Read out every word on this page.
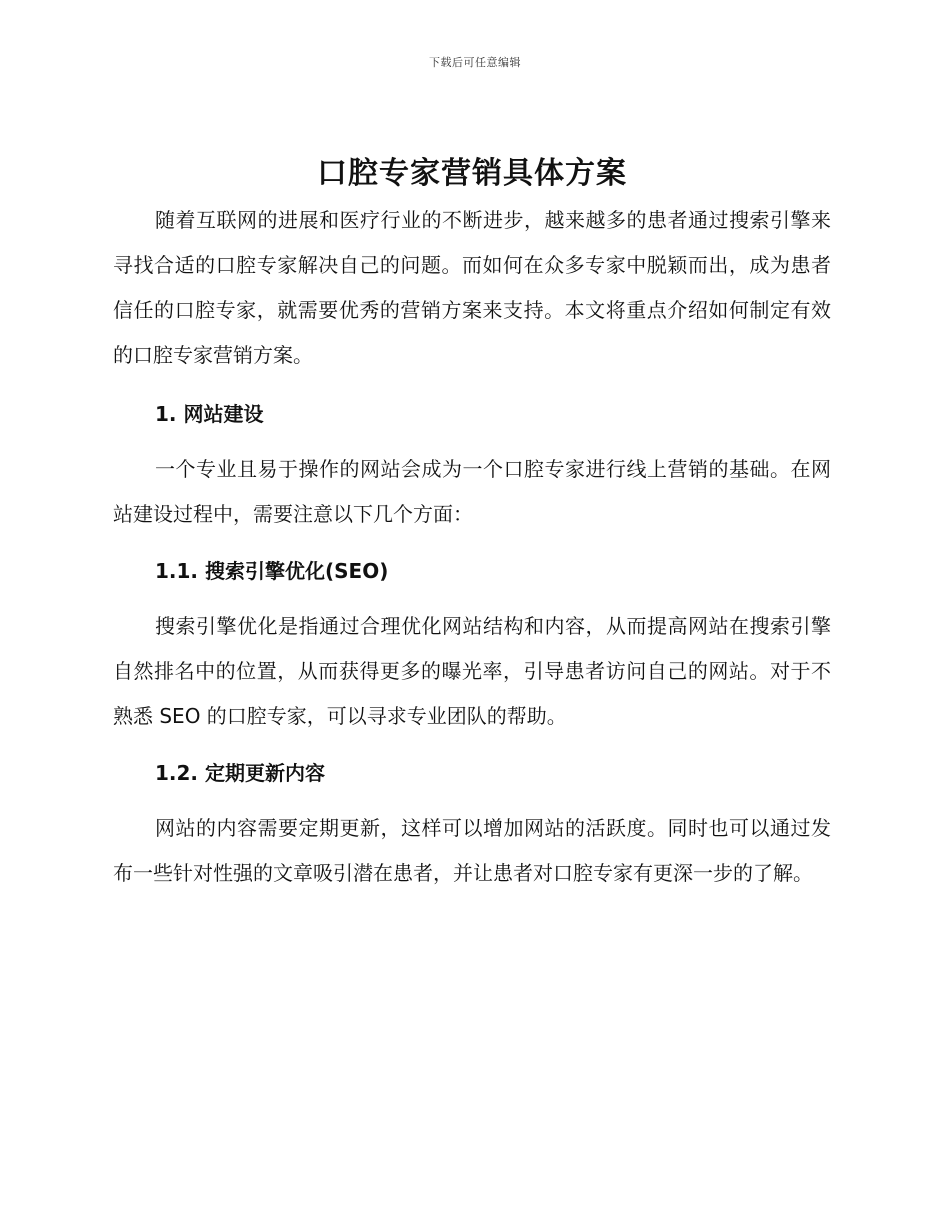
下载后可任意编辑
口腔专家营销具体方案

随着互联网的进展和医疗行业的不断进步，越来越多的患者通过搜索引擎来寻找合适的口腔专家解决自己的问题。而如何在众多专家中脱颖而出，成为患者信任的口腔专家，就需要优秀的营销方案来支持。本文将重点介绍如何制定有效的口腔专家营销方案。

1. 网站建设

一个专业且易于操作的网站会成为一个口腔专家进行线上营销的基础。在网站建设过程中，需要注意以下几个方面：

1.1. 搜索引擎优化(SEO)

搜索引擎优化是指通过合理优化网站结构和内容，从而提高网站在搜索引擎自然排名中的位置，从而获得更多的曝光率，引导患者访问自己的网站。对于不熟悉 SEO 的口腔专家，可以寻求专业团队的帮助。

1.2. 定期更新内容

网站的内容需要定期更新，这样可以增加网站的活跃度。同时也可以通过发布一些针对性强的文章吸引潜在患者，并让患者对口腔专家有更深一步的了解。
